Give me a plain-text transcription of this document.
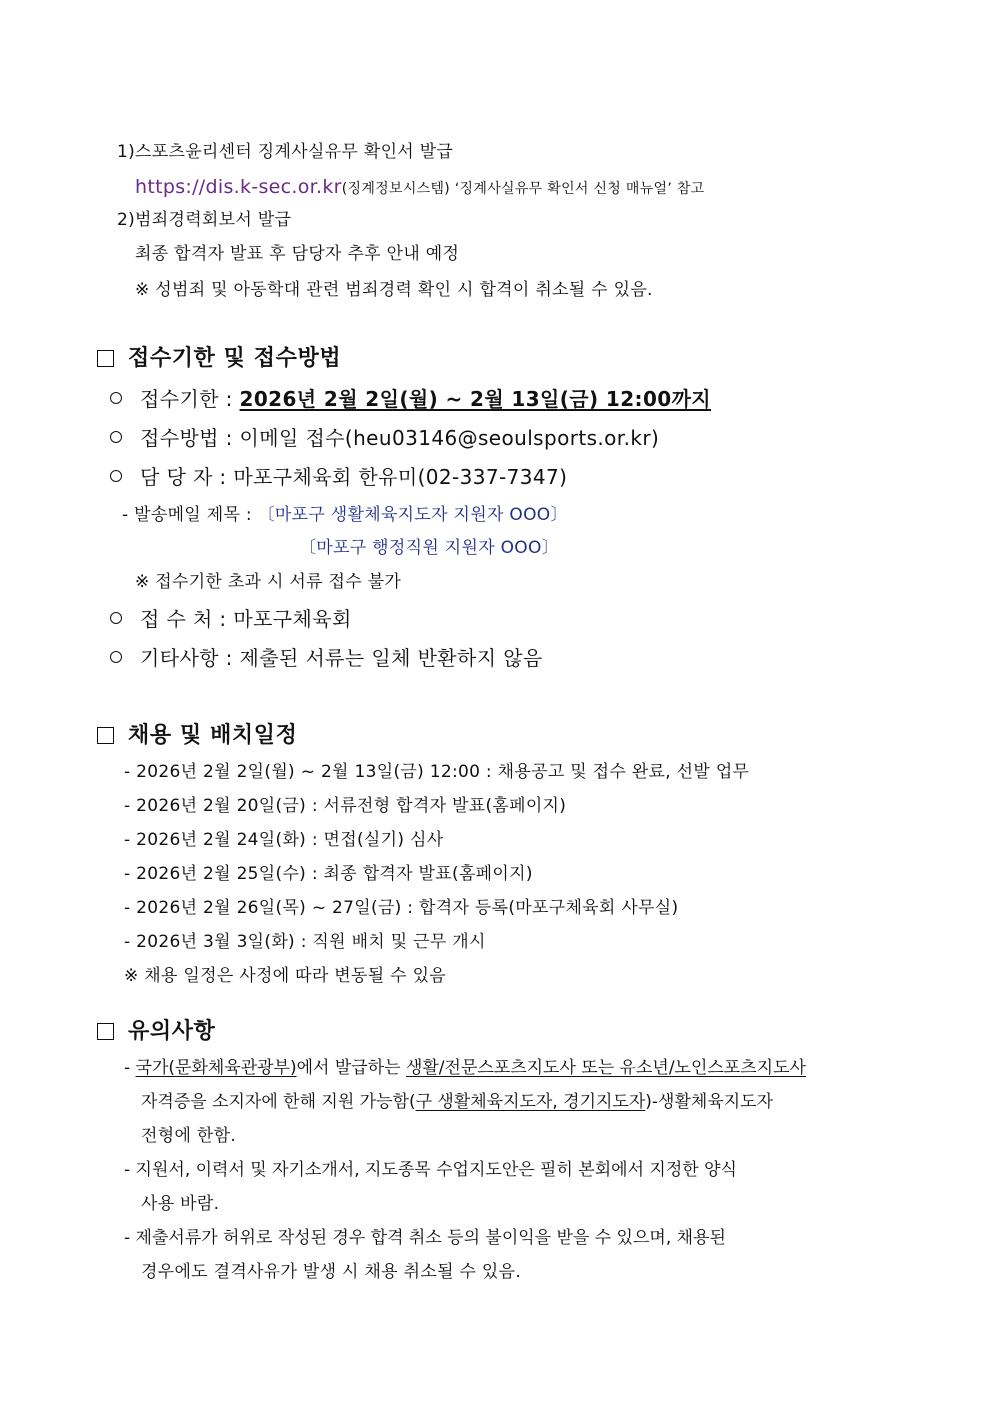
1)스포츠윤리센터 징계사실유무 확인서 발급
https://dis.k-sec.or.kr(징계정보시스템) ‘징계사실유무 확인서 신청 매뉴얼’ 참고
2)범죄경력회보서 발급
최종 합격자 발표 후 담당자 추후 안내 예정
※ 성범죄 및 아동학대 관련 범죄경력 확인 시 합격이 취소될 수 있음.
접수기한 및 접수방법
접수기한 : 2026년 2월 2일(월) ~ 2월 13일(금) 12:00까지
접수방법 : 이메일 접수(heu03146@seoulsports.or.kr)
담 당 자 : 마포구체육회 한유미(02-337-7347)
- 발송메일 제목 : 〔마포구 생활체육지도자 지원자 OOO〕
〔마포구 행정직원 지원자 OOO〕
※ 접수기한 초과 시 서류 접수 불가
접 수 처 : 마포구체육회
기타사항 : 제출된 서류는 일체 반환하지 않음
채용 및 배치일정
- 2026년 2월 2일(월) ~ 2월 13일(금) 12:00 : 채용공고 및 접수 완료, 선발 업무
- 2026년 2월 20일(금) : 서류전형 합격자 발표(홈페이지)
- 2026년 2월 24일(화) : 면접(실기) 심사
- 2026년 2월 25일(수) : 최종 합격자 발표(홈페이지)
- 2026년 2월 26일(목) ~ 27일(금) : 합격자 등록(마포구체육회 사무실)
- 2026년 3월 3일(화) : 직원 배치 및 근무 개시
※ 채용 일정은 사정에 따라 변동될 수 있음
유의사항
- 국가(문화체육관광부)에서 발급하는 생활/전문스포츠지도사 또는 유소년/노인스포츠지도사
자격증을 소지자에 한해 지원 가능함(구 생활체육지도자, 경기지도자)-생활체육지도자
전형에 한함.
- 지원서, 이력서 및 자기소개서, 지도종목 수업지도안은 필히 본회에서 지정한 양식
사용 바람.
- 제출서류가 허위로 작성된 경우 합격 취소 등의 불이익을 받을 수 있으며, 채용된
경우에도 결격사유가 발생 시 채용 취소될 수 있음.
